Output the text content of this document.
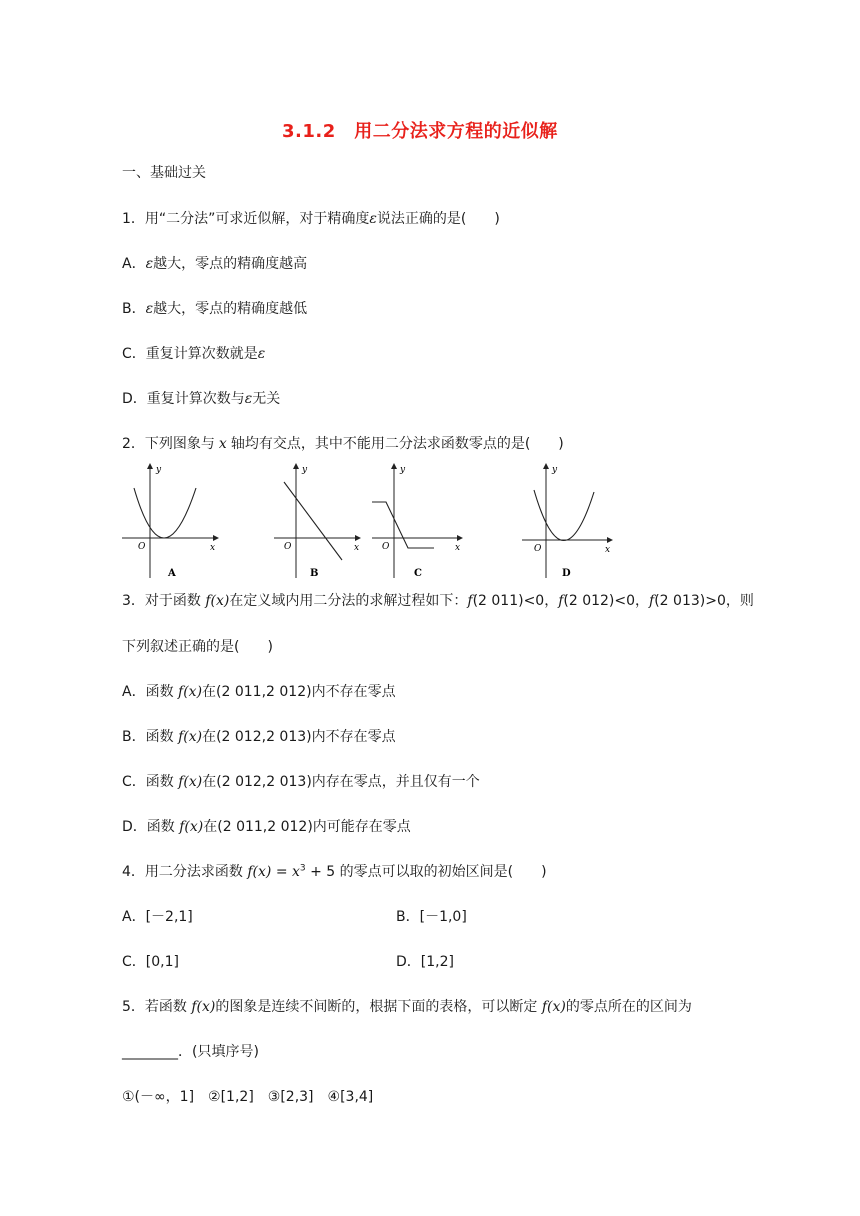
3.1.2　用二分法求方程的近似解
一、基础过关
1．用“二分法”可求近似解，对于精确度ε说法正确的是(　　)
A．ε越大，零点的精确度越高
B．ε越大，零点的精确度越低
C．重复计算次数就是ε
D．重复计算次数与ε无关
2．下列图象与 x 轴均有交点，其中不能用二分法求函数零点的是(　　)
y
x
O
A
y
x
O
B
y
x
O
C
y
x
O
D
3．对于函数 f(x)在定义域内用二分法的求解过程如下：f(2 011)<0，f(2 012)<0，f(2 013)>0，则
下列叙述正确的是(　　)
A．函数 f(x)在(2 011,2 012)内不存在零点
B．函数 f(x)在(2 012,2 013)内不存在零点
C．函数 f(x)在(2 012,2 013)内存在零点，并且仅有一个
D．函数 f(x)在(2 011,2 012)内可能存在零点
4．用二分法求函数 $f(x) = x^3 + 5$ 的零点可以取的初始区间是(　　)
A．[－2,1]	B．[－1,0]
C．[0,1]	D．[1,2]
5．若函数 f(x)的图象是连续不间断的，根据下面的表格，可以断定 f(x)的零点所在的区间为
________．(只填序号)
①(－∞，1]　②[1,2]　③[2,3]　④[3,4]
